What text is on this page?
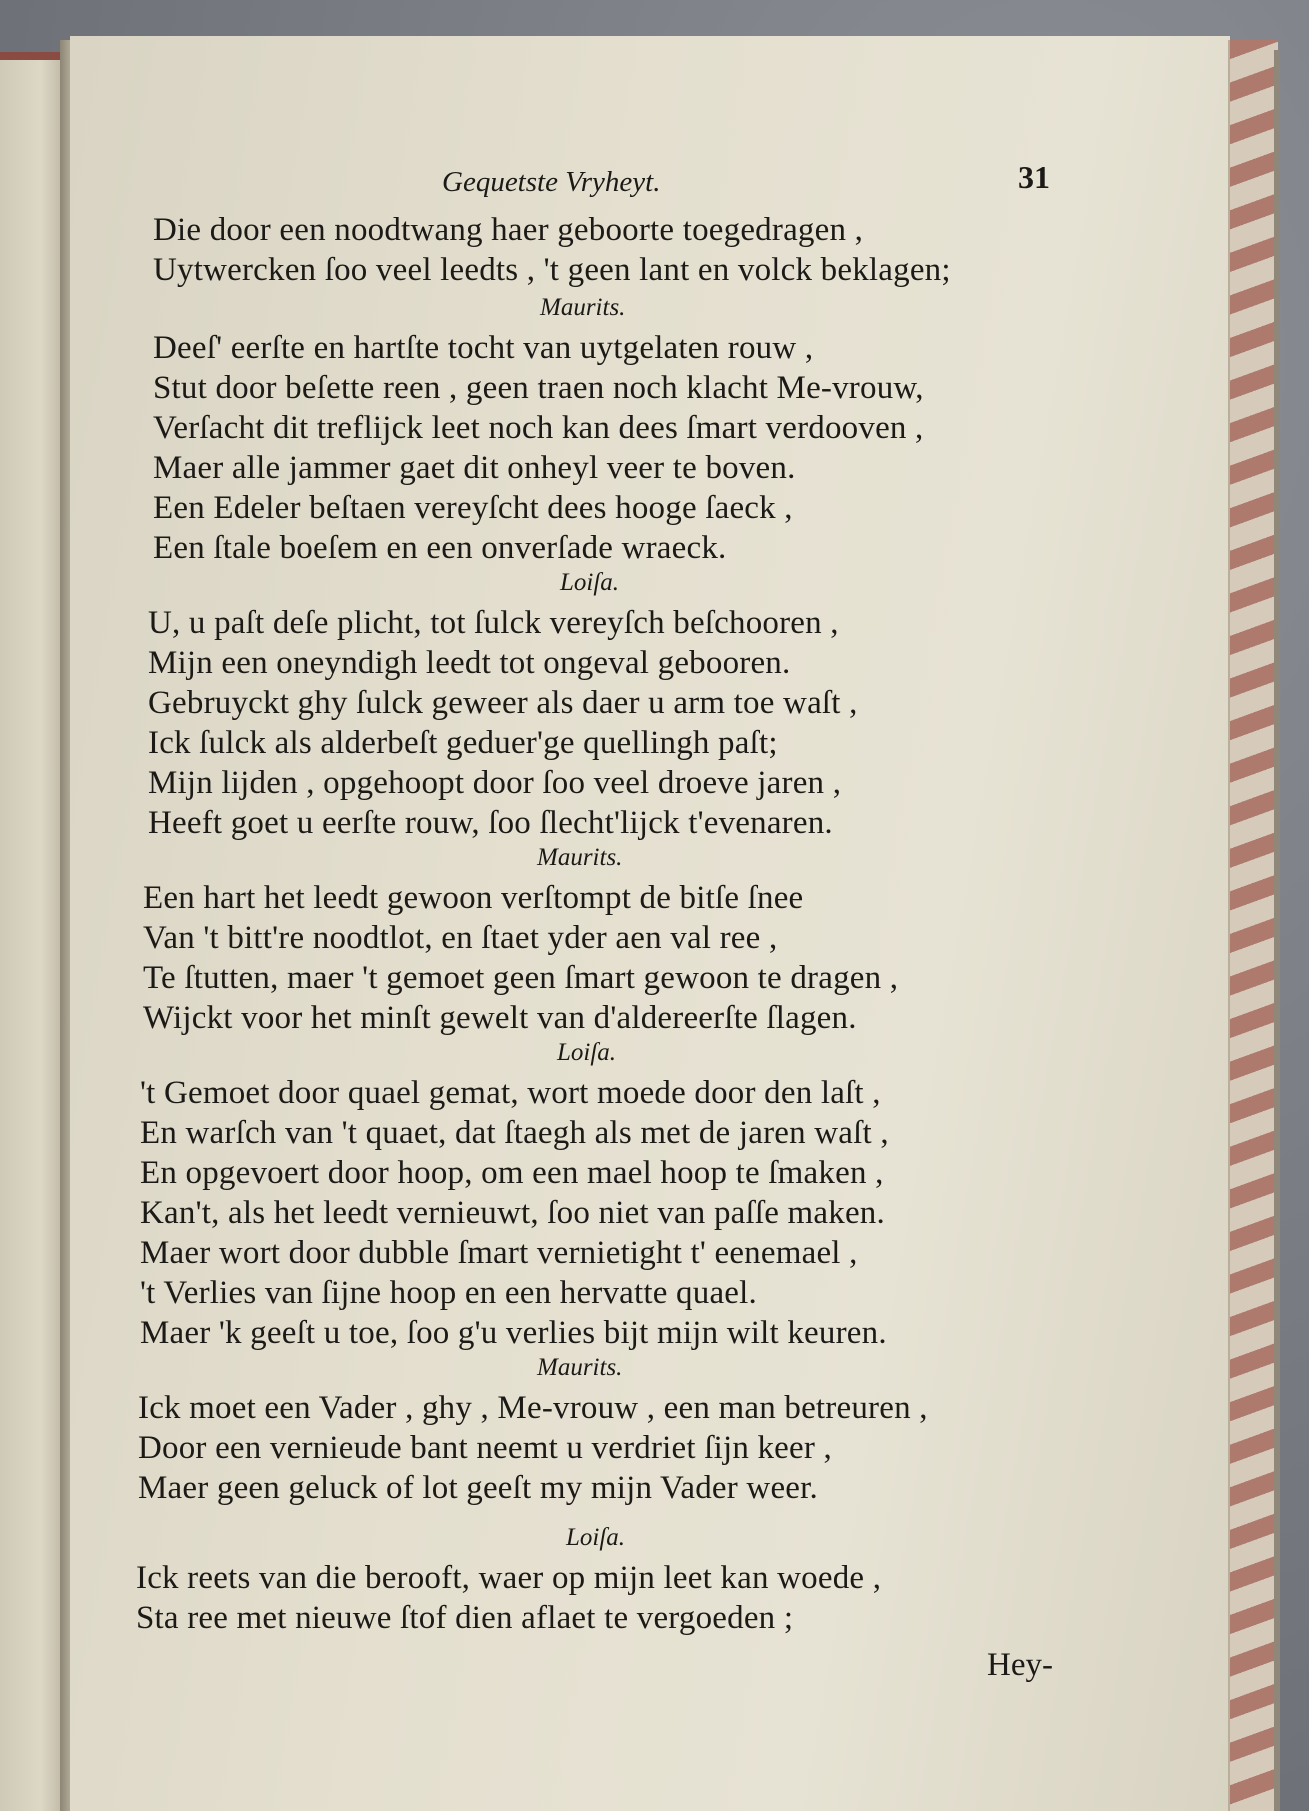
Gequetste Vryheyt.	31
Die door een noodtwang haer geboorte toegedragen ,
Uytwercken ſoo veel leedts , 't geen lant en volck beklagen;
Maurits.
Deeſ' eerſte en hartſte tocht van uytgelaten rouw ,
Stut door beſette reen , geen traen noch klacht Me-vrouw,
Verſacht dit treflijck leet noch kan dees ſmart verdooven ,
Maer alle jammer gaet dit onheyl veer te boven.
Een Edeler beſtaen vereyſcht dees hooge ſaeck ,
Een ſtale boeſem en een onverſade wraeck.
Loiſa.
U, u paſt deſe plicht, tot ſulck vereyſch beſchooren ,
Mijn een oneyndigh leedt tot ongeval gebooren.
Gebruyckt ghy ſulck geweer als daer u arm toe waſt ,
Ick ſulck als alderbeſt geduer'ge quellingh paſt;
Mijn lijden , opgehoopt door ſoo veel droeve jaren ,
Heeft goet u eerſte rouw, ſoo ſlecht'lijck t'evenaren.
Maurits.
Een hart het leedt gewoon verſtompt de bitſe ſnee
Van 't bitt're noodtlot, en ſtaet yder aen val ree ,
Te ſtutten, maer 't gemoet geen ſmart gewoon te dragen ,
Wijckt voor het minſt gewelt van d'aldereerſte ſlagen.
Loiſa.
't Gemoet door quael gemat, wort moede door den laſt ,
En warſch van 't quaet, dat ſtaegh als met de jaren waſt ,
En opgevoert door hoop, om een mael hoop te ſmaken ,
Kan't, als het leedt vernieuwt, ſoo niet van paſſe maken.
Maer wort door dubble ſmart vernietight t' eenemael ,
't Verlies van ſijne hoop en een hervatte quael.
Maer 'k geeſt u toe, ſoo g'u verlies bijt mijn wilt keuren.
Maurits.
Ick moet een Vader , ghy , Me-vrouw , een man betreuren ,
Door een vernieude bant neemt u verdriet ſijn keer ,
Maer geen geluck of lot geeſt my mijn Vader weer.
Loiſa.
Ick reets van die berooft, waer op mijn leet kan woede ,
Sta ree met nieuwe ſtof dien aflaet te vergoeden ;
Hey-
